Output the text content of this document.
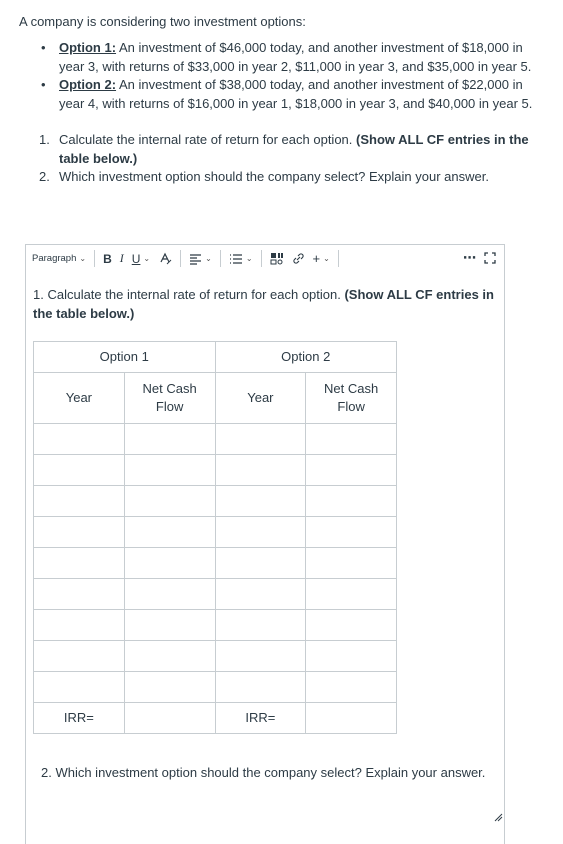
A company is considering two investment options:

• Option 1: An investment of $46,000 today, and another investment of $18,000 in year 3, with returns of $33,000 in year 2, $11,000 in year 3, and $35,000 in year 5.
• Option 2: An investment of $38,000 today, and another investment of $22,000 in year 4, with returns of $16,000 in year 1, $18,000 in year 3, and $40,000 in year 5.
1. Calculate the internal rate of return for each option. (Show ALL CF entries in the table below.)
2. Which investment option should the company select? Explain your answer.
Paragraph ⌄ B I U ⌄	⌄	⌄	+ ⌄	⋯

1. Calculate the internal rate of return for each option. (Show ALL CF entries in the table below.)

Option 1		Option 2	
Year	Net Cash Flow	Year	Net Cash Flow

IRR=		IRR=	

2. Which investment option should the company select? Explain your answer.
